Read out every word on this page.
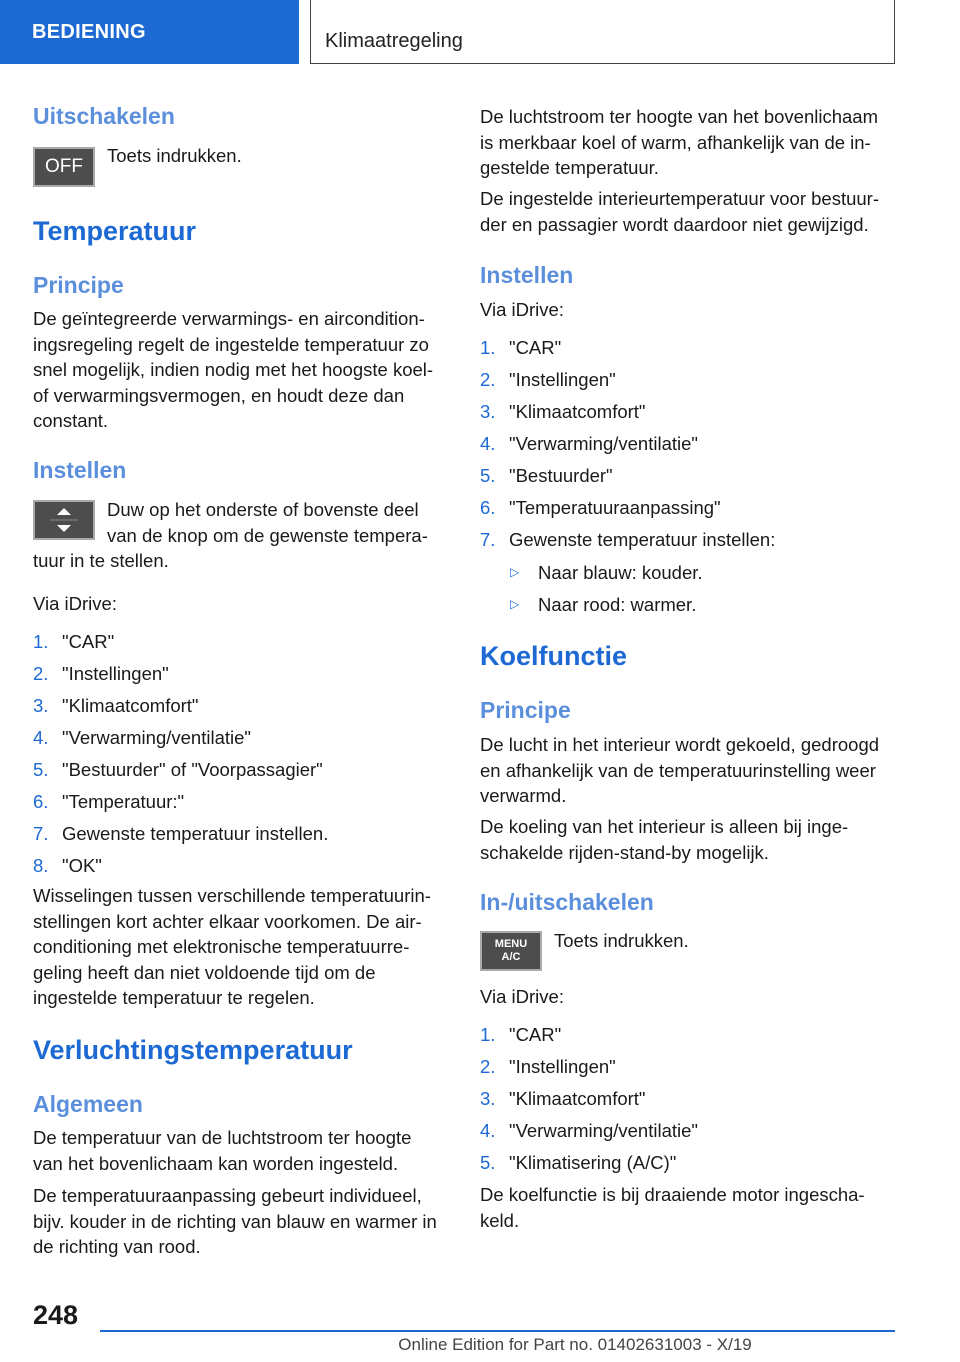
BEDIENING	Klimaatregeling
Uitschakelen
OFF

Toets indrukken.

Temperatuur
Principe
De geïntegreerde verwarmings- en aircondition-
ingsregeling regelt de ingestelde temperatuur zo
snel mogelijk, indien nodig met het hoogste koel-
of verwarmingsvermogen, en houdt deze dan
constant.
Instellen
Duw op het onderste of bovenste deel
van de knop om de gewenste tempera-
tuur in te stellen.
Via iDrive:
1. "CAR"
2. "Instellingen"
3. "Klimaatcomfort"
4. "Verwarming/ventilatie"
5. "Bestuurder" of "Voorpassagier"
6. "Temperatuur:"
7. Gewenste temperatuur instellen.
8. "OK"
Wisselingen tussen verschillende temperatuurin-
stellingen kort achter elkaar voorkomen. De air-
conditioning met elektronische temperatuurre-
geling heeft dan niet voldoende tijd om de
ingestelde temperatuur te regelen.
Verluchtingstemperatuur
Algemeen
De temperatuur van de luchtstroom ter hoogte
van het bovenlichaam kan worden ingesteld.
De temperatuuraanpassing gebeurt individueel,
bijv. kouder in de richting van blauw en warmer in
de richting van rood.
De luchtstroom ter hoogte van het bovenlichaam
is merkbaar koel of warm, afhankelijk van de in-
gestelde temperatuur.
De ingestelde interieurtemperatuur voor bestuur-
der en passagier wordt daardoor niet gewijzigd.
Instellen
Via iDrive:
1. "CAR"
2. "Instellingen"
3. "Klimaatcomfort"
4. "Verwarming/ventilatie"
5. "Bestuurder"
6. "Temperatuuraanpassing"
7. Gewenste temperatuur instellen:
▷ Naar blauw: kouder.
▷ Naar rood: warmer.
Koelfunctie
Principe
De lucht in het interieur wordt gekoeld, gedroogd
en afhankelijk van de temperatuurinstelling weer
verwarmd.
De koeling van het interieur is alleen bij inge-
schakelde rijden-stand-by mogelijk.
In-/uitschakelen
MENU
A/C

Toets indrukken.

Via iDrive:
1. "CAR"
2. "Instellingen"
3. "Klimaatcomfort"
4. "Verwarming/ventilatie"
5. "Klimatisering (A/C)"
De koelfunctie is bij draaiende motor ingescha-
keld.
248
Online Edition for Part no. 01402631003 - X/19
